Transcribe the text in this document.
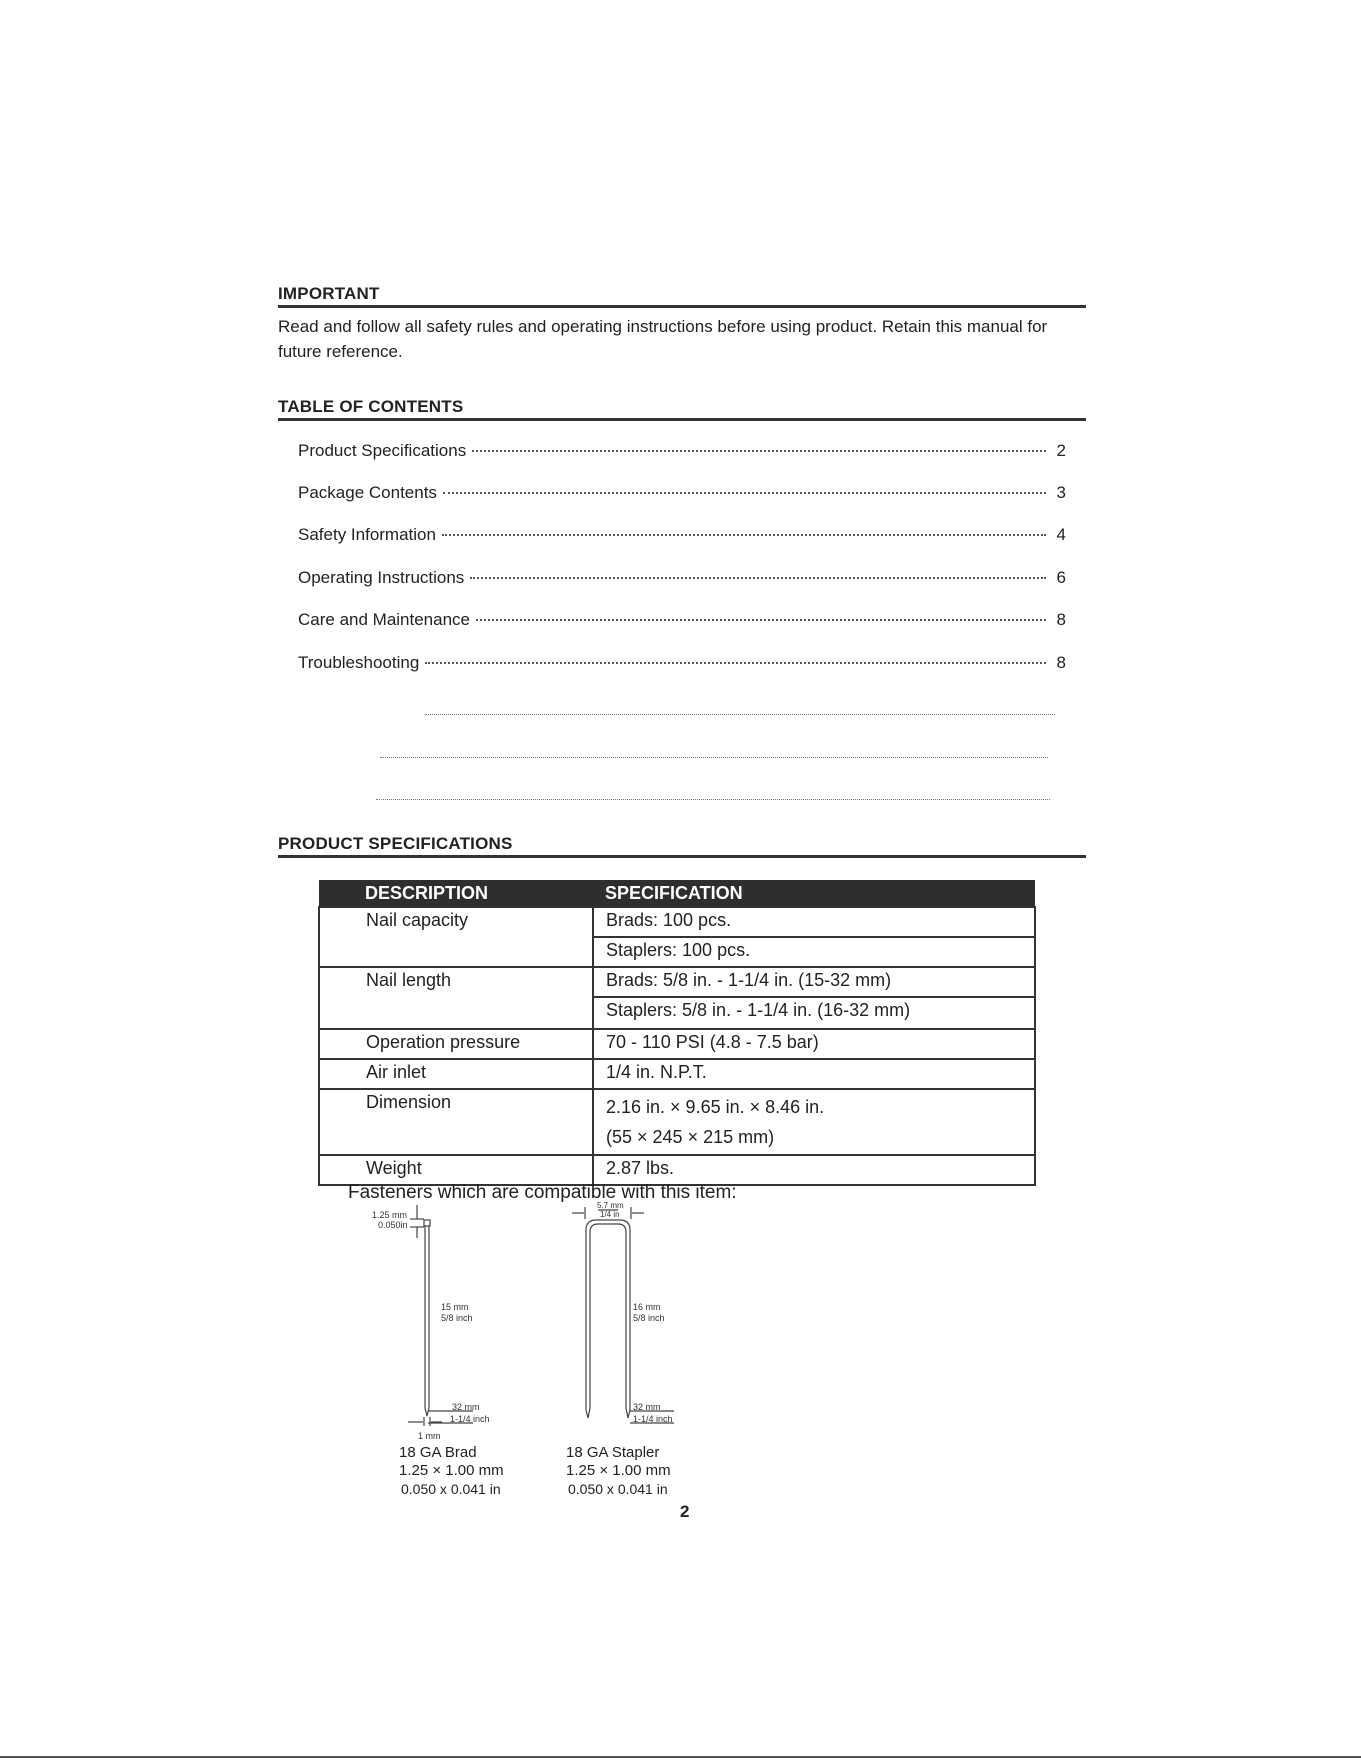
IMPORTANT
Read and follow all safety rules and operating instructions before using product. Retain this manual for future reference.
TABLE OF CONTENTS
Product Specifications	2
Package Contents	3
Safety Information	4
Operating Instructions	6
Care and Maintenance	8
Troubleshooting	8
PRODUCT SPECIFICATIONS
DESCRIPTION	SPECIFICATION
Nail capacity	Brads: 100 pcs.
	Staplers: 100 pcs.
Nail length	Brads: 5/8 in. - 1-1/4 in. (15-32 mm)
	Staplers: 5/8 in. - 1-1/4 in. (16-32 mm)
Operation pressure	70 - 110 PSI (4.8 - 7.5 bar)
Air inlet	1/4 in. N.P.T.
Dimension	2.16 in. × 9.65 in. × 8.46 in.
(55 × 245 × 215 mm)

Weight	2.87 lbs.
Fasteners which are compatible with this item:
1.25 mm
0.050in
15 mm
5/8 inch
32 mm
1-1/4 inch
1 mm
5.7 mm
1/4 in
16 mm
5/8 inch
32 mm
1-1/4 inch
18 GA Brad
1.25 × 1.00 mm
0.050 x 0.041 in
18 GA Stapler
1.25 × 1.00 mm
0.050 x 0.041 in
2
